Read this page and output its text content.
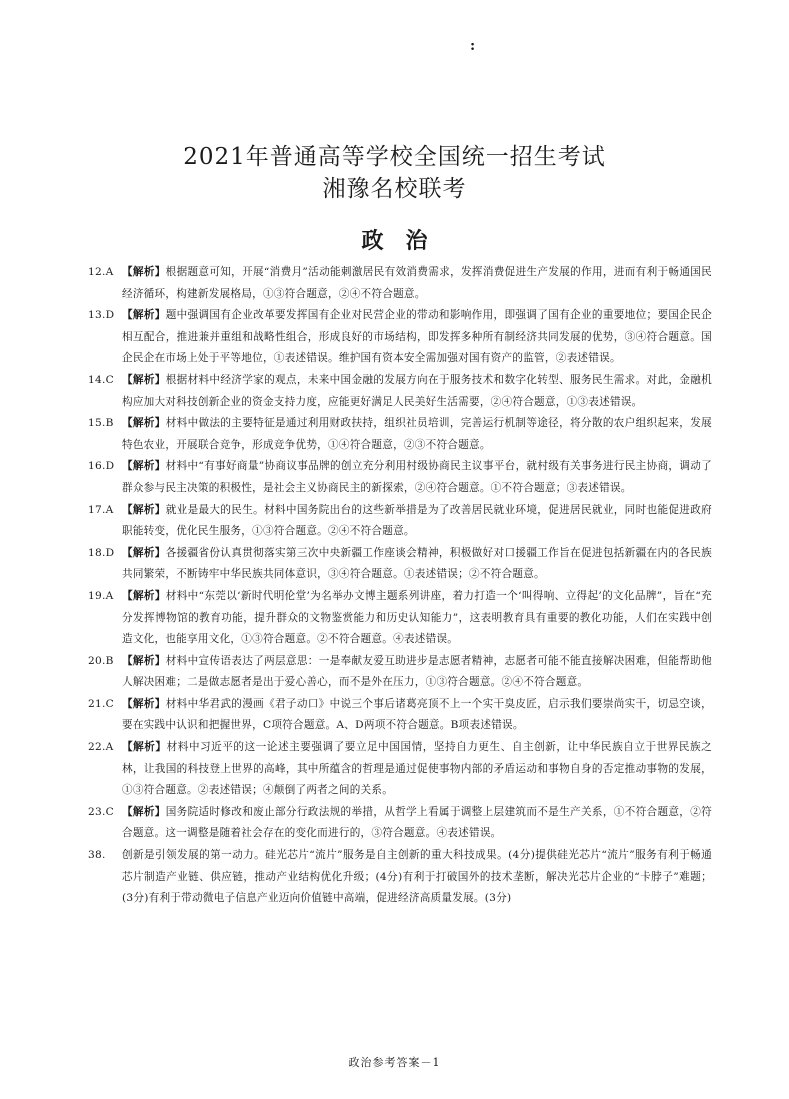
:
2021年普通高等学校全国统一招生考试
湘豫名校联考
政治
12.A 【解析】根据题意可知，开展“消费月”活动能刺激居民有效消费需求，发挥消费促进生产发展的作用，进而有利于畅通国民经济循环，构建新发展格局，①③符合题意，②④不符合题意。
13.D 【解析】题中强调国有企业改革要发挥国有企业对民营企业的带动和影响作用，即强调了国有企业的重要地位；要国企民企相互配合，推进兼并重组和战略性组合，形成良好的市场结构，即发挥多种所有制经济共同发展的优势，③④符合题意。国企民企在市场上处于平等地位，①表述错误。维护国有资本安全需加强对国有资产的监管，②表述错误。
14.C 【解析】根据材料中经济学家的观点，未来中国金融的发展方向在于服务技术和数字化转型、服务民生需求。对此，金融机构应加大对科技创新企业的资金支持力度，应能更好满足人民美好生活需要，②④符合题意，①③表述错误。
15.B 【解析】材料中做法的主要特征是通过利用财政扶持，组织社员培训，完善运行机制等途径，将分散的农户组织起来，发展特色农业，开展联合竞争，形成竞争优势，①④符合题意，②③不符合题意。
16.D 【解析】材料中“有事好商量”协商议事品牌的创立充分利用村级协商民主议事平台，就村级有关事务进行民主协商，调动了群众参与民主决策的积极性，是社会主义协商民主的新探索，②④符合题意。①不符合题意；③表述错误。
17.A 【解析】就业是最大的民生。材料中国务院出台的这些新举措是为了改善居民就业环境，促进居民就业，同时也能促进政府职能转变，优化民生服务，①③符合题意。②④不符合题意。
18.D 【解析】各援疆省份认真贯彻落实第三次中央新疆工作座谈会精神，积极做好对口援疆工作旨在促进包括新疆在内的各民族共同繁荣，不断铸牢中华民族共同体意识，③④符合题意。①表述错误；②不符合题意。
19.A 【解析】材料中“东莞以‘新时代明伦堂’为名举办文博主题系列讲座，着力打造一个‘叫得响、立得起’的文化品牌”，旨在“充分发挥博物馆的教育功能，提升群众的文物鉴赏能力和历史认知能力”，这表明教育具有重要的教化功能，人们在实践中创造文化，也能享用文化，①③符合题意。②不符合题意。④表述错误。
20.B 【解析】材料中宣传语表达了两层意思：一是奉献友爱互助进步是志愿者精神，志愿者可能不能直接解决困难，但能帮助他人解决困难；二是做志愿者是出于爱心善心，而不是外在压力，①③符合题意。②④不符合题意。
21.C 【解析】材料中华君武的漫画《君子动口》中说三个事后诸葛亮顶不上一个实干臭皮匠，启示我们要崇尚实干，切忌空谈，要在实践中认识和把握世界，C项符合题意。A、D两项不符合题意。B项表述错误。
22.A 【解析】材料中习近平的这一论述主要强调了要立足中国国情，坚持自力更生、自主创新，让中华民族自立于世界民族之林，让我国的科技登上世界的高峰，其中所蕴含的哲理是通过促使事物内部的矛盾运动和事物自身的否定推动事物的发展，①③符合题意。②表述错误；④颠倒了两者之间的关系。
23.C 【解析】国务院适时修改和废止部分行政法规的举措，从哲学上看属于调整上层建筑而不是生产关系，①不符合题意，②符合题意。这一调整是随着社会存在的变化而进行的，③符合题意。④表述错误。
38.	创新是引领发展的第一动力。硅光芯片“流片”服务是自主创新的重大科技成果。(4分)提供硅光芯片“流片”服务有利于畅通芯片制造产业链、供应链，推动产业结构优化升级；(4分)有利于打破国外的技术垄断，解决光芯片企业的“卡脖子”难题；(3分)有利于带动微电子信息产业迈向价值链中高端，促进经济高质量发展。(3分)
政治参考答案－1
